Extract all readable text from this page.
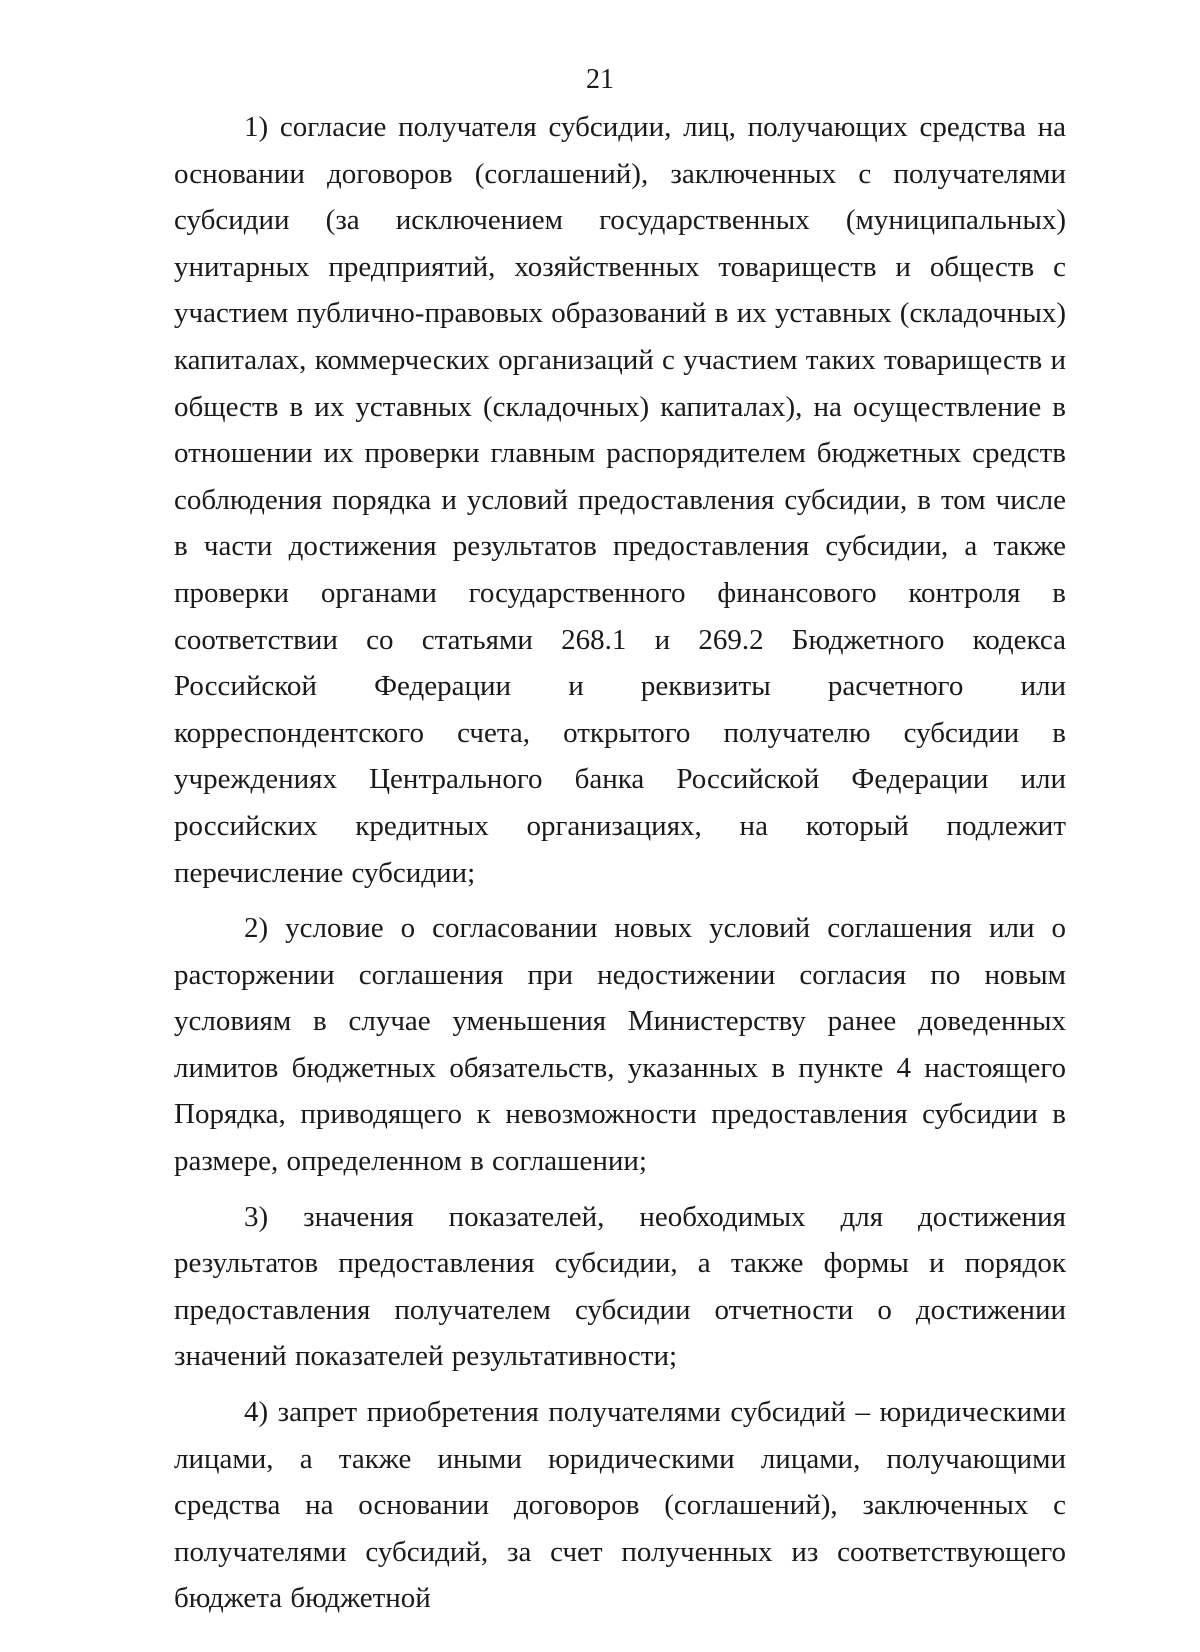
21

1) согласие получателя субсидии, лиц, получающих средства на основании договоров (соглашений), заключенных с получателями субсидии (за исключением государственных (муниципальных) унитарных предприятий, хозяйственных товариществ и обществ с участием публично-правовых образований в их уставных (складочных) капиталах, коммерческих организаций с участием таких товариществ и обществ в их уставных (складочных) капиталах), на осуществление в отношении их проверки главным распорядителем бюджетных средств соблюдения порядка и условий предоставления субсидии, в том числе в части достижения результатов предоставления субсидии, а также проверки органами государственного финансового контроля в соответствии со статьями 268.1 и 269.2 Бюджетного кодекса Российской Федерации и реквизиты расчетного или корреспондентского счета, открытого получателю субсидии в учреждениях Центрального банка Российской Федерации или российских кредитных организациях, на который подлежит перечисление субсидии;

2) условие о согласовании новых условий соглашения или о расторжении соглашения при недостижении согласия по новым условиям в случае уменьшения Министерству ранее доведенных лимитов бюджетных обязательств, указанных в пункте 4 настоящего Порядка, приводящего к невозможности предоставления субсидии в размере, определенном в соглашении;

3) значения показателей, необходимых для достижения результатов предоставления субсидии, а также формы и порядок предоставления получателем субсидии отчетности о достижении значений показателей результативности;

4) запрет приобретения получателями субсидий – юридическими лицами, а также иными юридическими лицами, получающими средства на основании договоров (соглашений), заключенных с получателями субсидий, за счет полученных из соответствующего бюджета бюджетной
